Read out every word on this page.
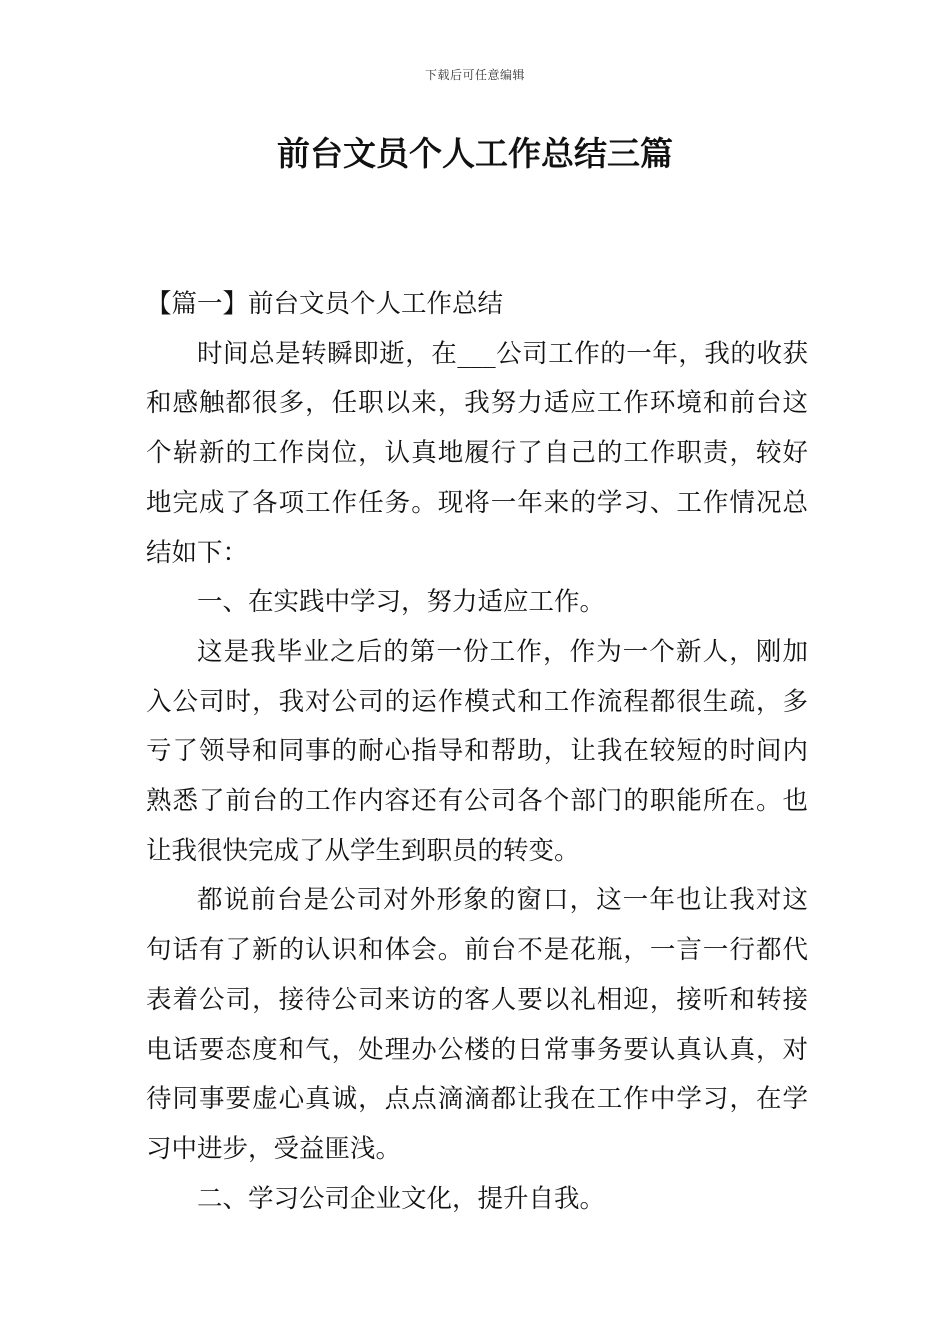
下载后可任意编辑
前台文员个人工作总结三篇

【篇一】前台文员个人工作总结

时间总是转瞬即逝，在___公司工作的一年，我的收获和感触都很多，任职以来，我努力适应工作环境和前台这个崭新的工作岗位，认真地履行了自己的工作职责，较好地完成了各项工作任务。现将一年来的学习、工作情况总结如下：

一、在实践中学习，努力适应工作。

这是我毕业之后的第一份工作，作为一个新人，刚加入公司时，我对公司的运作模式和工作流程都很生疏，多亏了领导和同事的耐心指导和帮助，让我在较短的时间内熟悉了前台的工作内容还有公司各个部门的职能所在。也让我很快完成了从学生到职员的转变。

都说前台是公司对外形象的窗口，这一年也让我对这句话有了新的认识和体会。前台不是花瓶，一言一行都代表着公司，接待公司来访的客人要以礼相迎，接听和转接电话要态度和气，处理办公楼的日常事务要认真认真，对待同事要虚心真诚，点点滴滴都让我在工作中学习，在学习中进步，受益匪浅。

二、学习公司企业文化，提升自我。
